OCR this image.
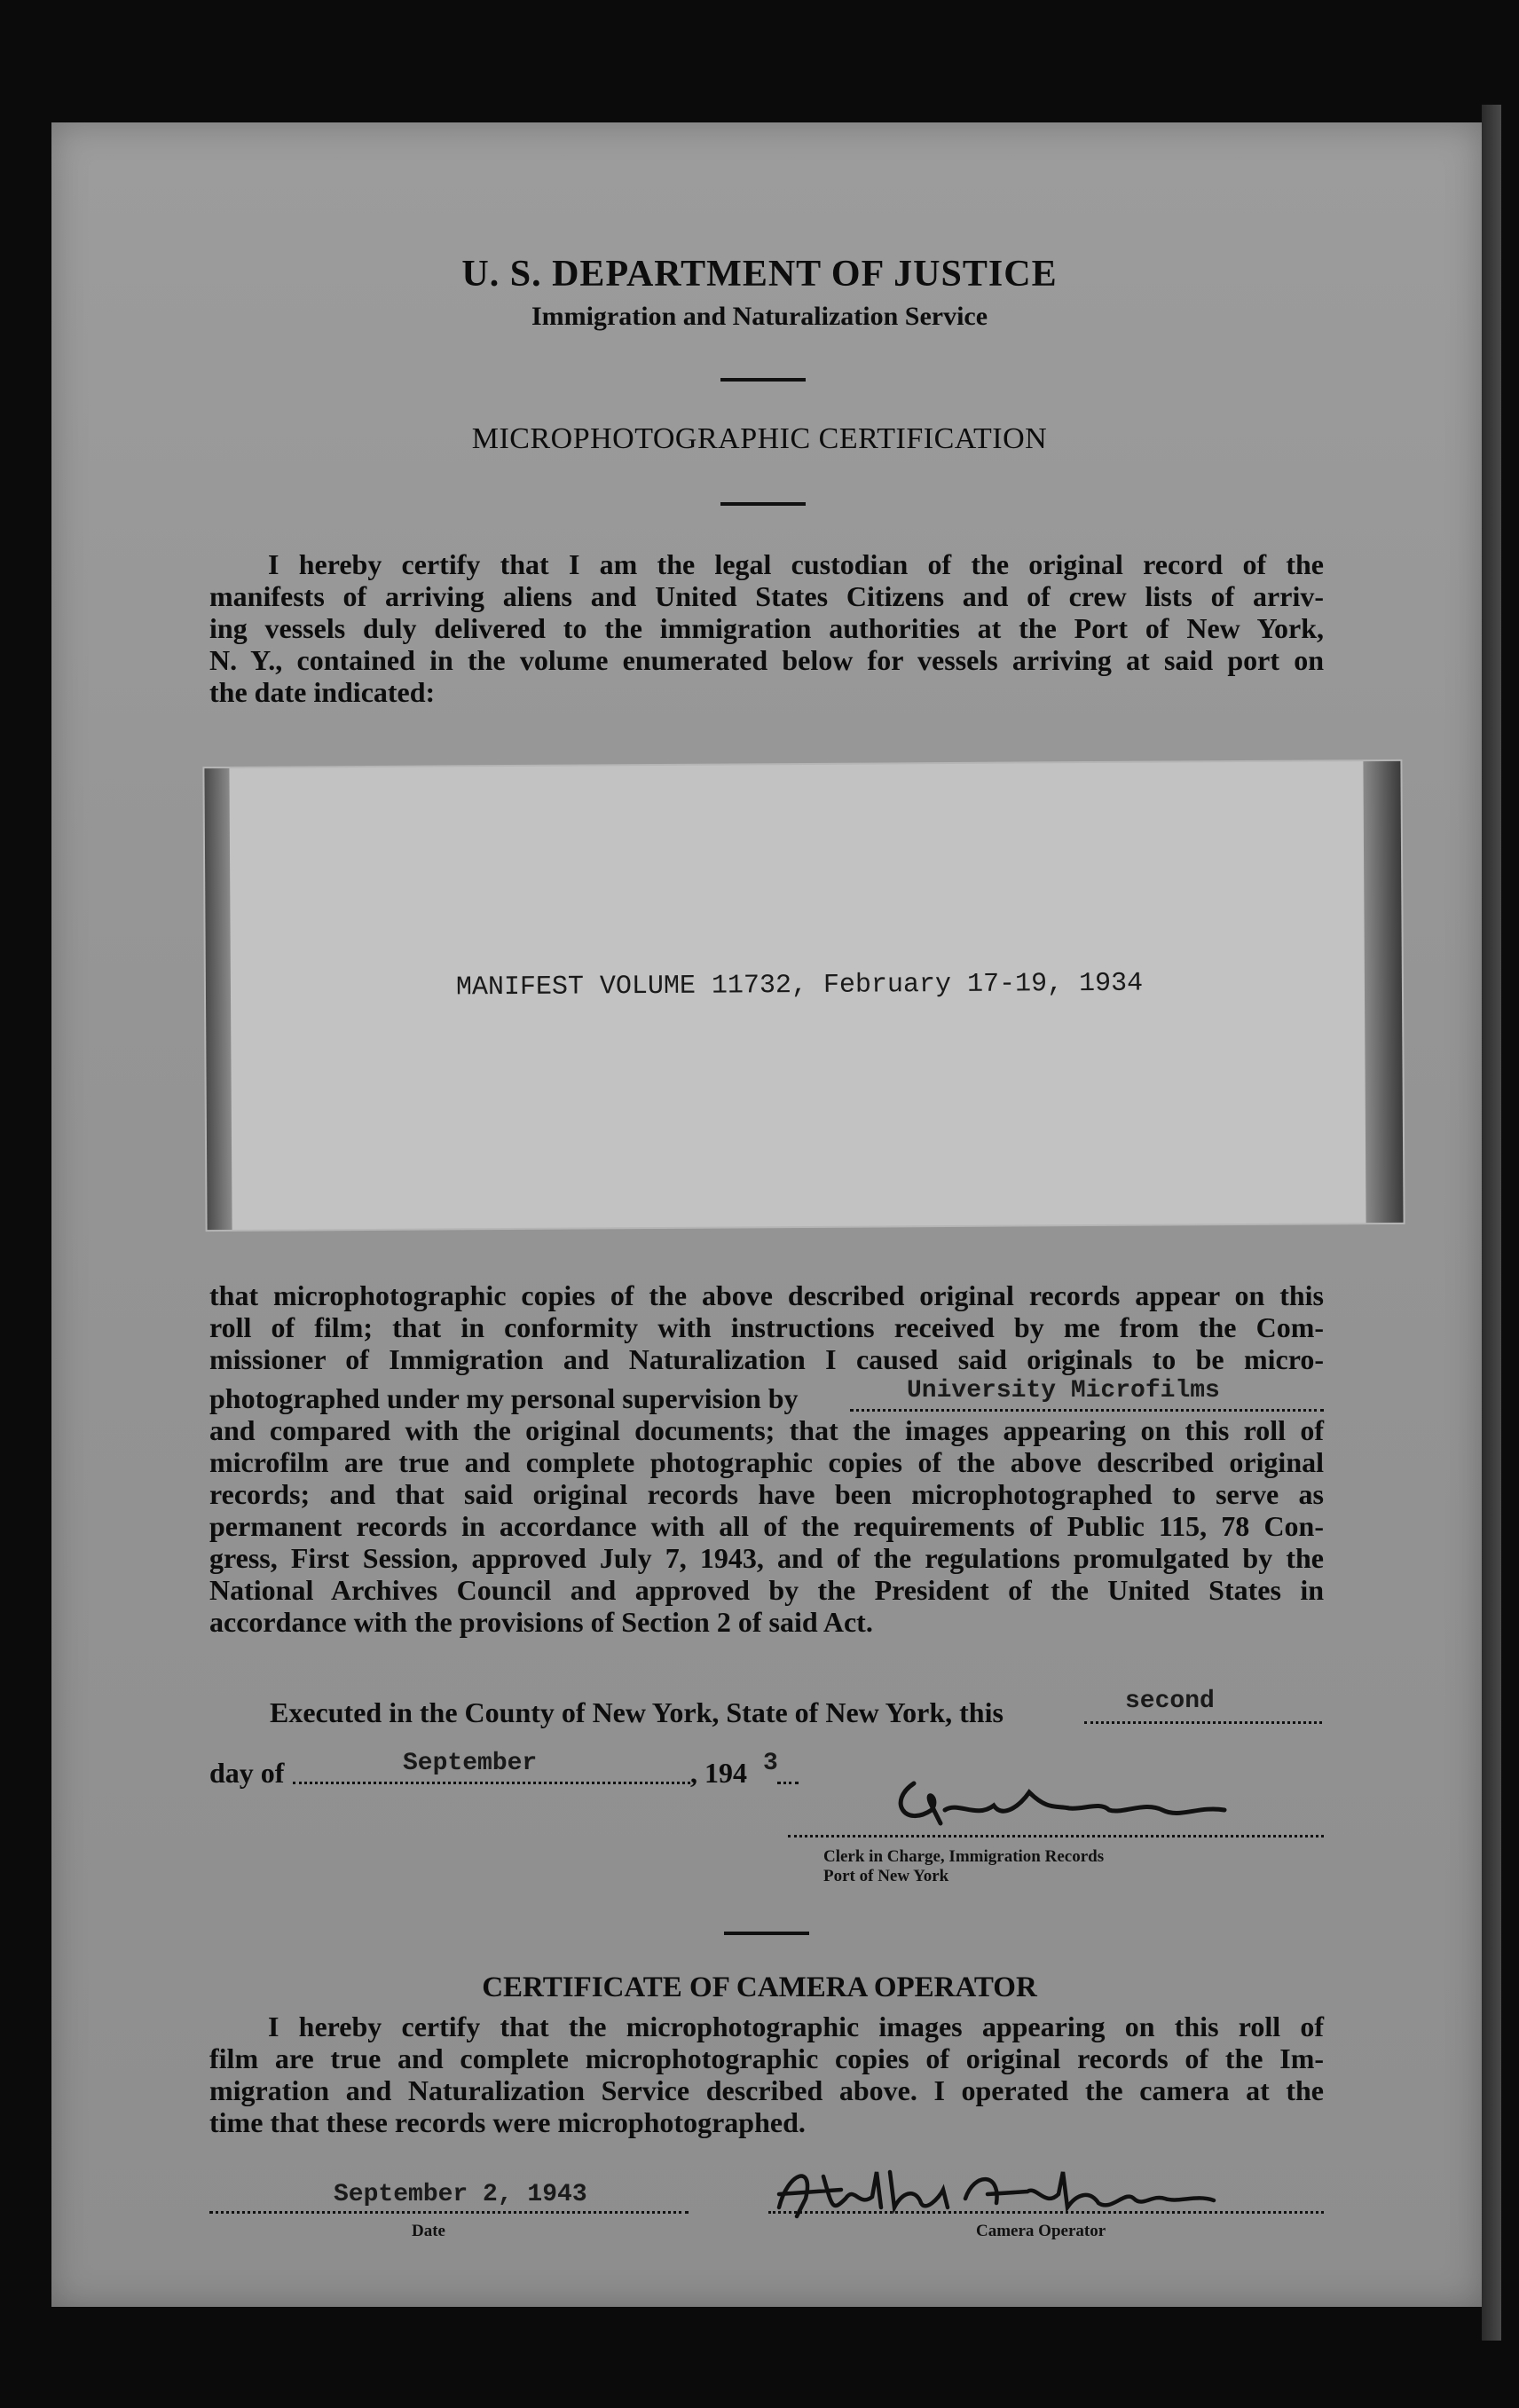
U. S. DEPARTMENT OF JUSTICE
Immigration and Naturalization Service
MICROPHOTOGRAPHIC CERTIFICATION

I hereby certify that I am the legal custodian of the original record of the

manifests of arriving aliens and United States Citizens and of crew lists of arriv-

ing vessels duly delivered to the immigration authorities at the Port of New York,

N. Y., contained in the volume enumerated below for vessels arriving at said port on

the date indicated:

MANIFEST VOLUME 11732, February 17-19, 1934

that microphotographic copies of the above described original records appear on this

roll of film; that in conformity with instructions received by me from the Com-

missioner of Immigration and Naturalization I caused said originals to be micro-

photographed under my personal supervision by	University Microfilms

and compared with the original documents; that the images appearing on this roll of

microfilm are true and complete photographic copies of the above described original

records; and that said original records have been microphotographed to serve as

permanent records in accordance with all of the requirements of Public 115, 78 Con-

gress, First Session, approved July 7, 1943, and of the regulations promulgated by the

National Archives Council and approved by the President of the United States in

accordance with the provisions of Section 2 of said Act.

Executed in the County of New York, State of New York, this	second
day of	September	, 194 3
Clerk in Charge, Immigration Records
Port of New York
CERTIFICATE OF CAMERA OPERATOR

I hereby certify that the microphotographic images appearing on this roll of

film are true and complete microphotographic copies of original records of the Im-

migration and Naturalization Service described above. I operated the camera at the

time that these records were microphotographed.

September 2, 1943
Date	Camera Operator
